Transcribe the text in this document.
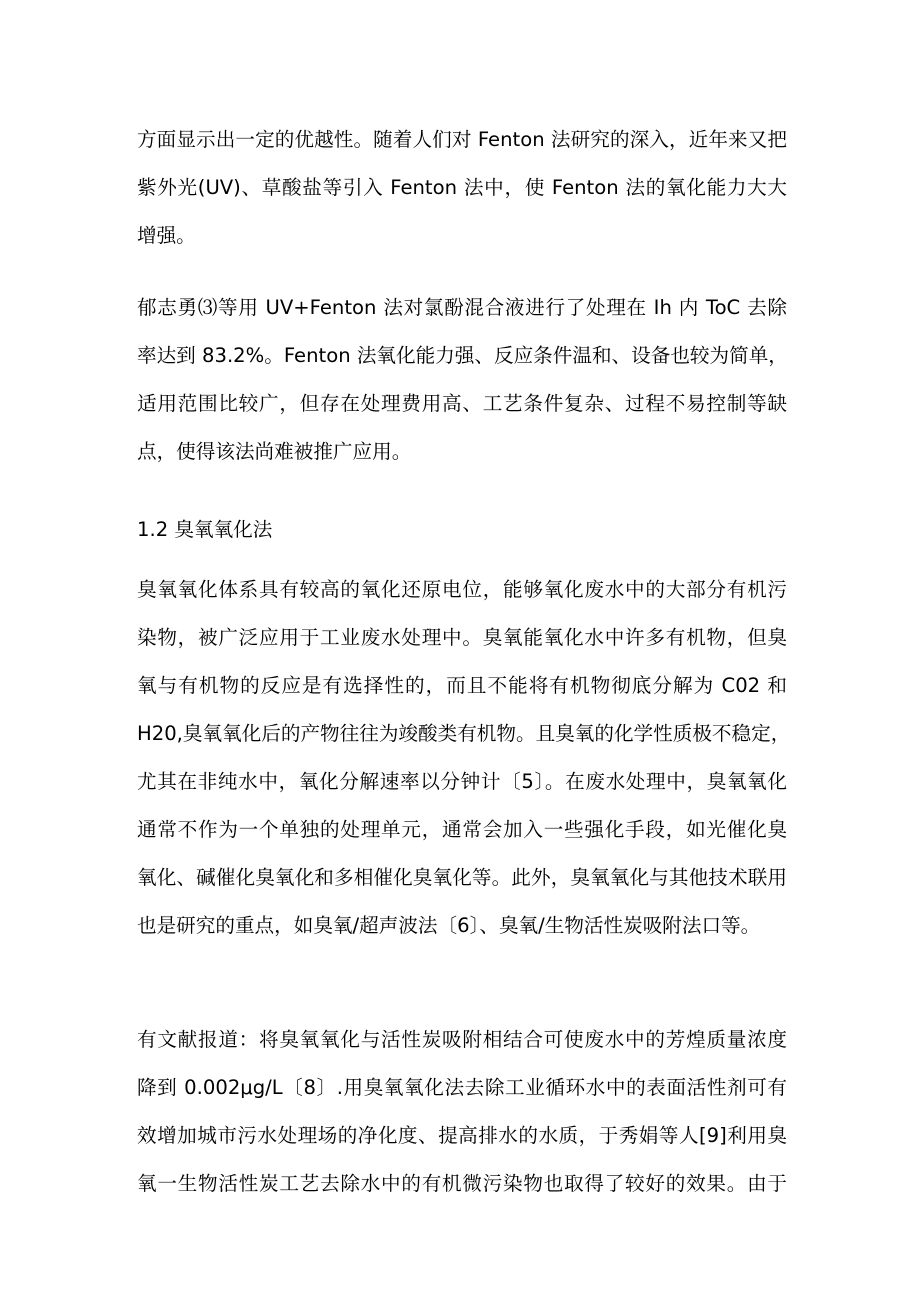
方面显示出一定的优越性。随着人们对 Fenton 法研究的深入，近年来又把
紫外光(UV)、草酸盐等引入 Fenton 法中，使 Fenton 法的氧化能力大大
增强。

郁志勇⑶等用 UV+Fenton 法对氯酚混合液进行了处理在 Ih 内 ToC 去除
率达到 83.2%。Fenton 法氧化能力强、反应条件温和、设备也较为简单，
适用范围比较广，但存在处理费用高、工艺条件复杂、过程不易控制等缺
点，使得该法尚难被推广应用。

1.2 臭氧氧化法

臭氧氧化体系具有较高的氧化还原电位，能够氧化废水中的大部分有机污
染物，被广泛应用于工业废水处理中。臭氧能氧化水中许多有机物，但臭
氧与有机物的反应是有选择性的，而且不能将有机物彻底分解为 C02 和
H20,臭氧氧化后的产物往往为竣酸类有机物。且臭氧的化学性质极不稳定，
尤其在非纯水中，氧化分解速率以分钟计〔5〕。在废水处理中，臭氧氧化
通常不作为一个单独的处理单元，通常会加入一些强化手段，如光催化臭
氧化、碱催化臭氧化和多相催化臭氧化等。此外，臭氧氧化与其他技术联用
也是研究的重点，如臭氧/超声波法〔6〕、臭氧/生物活性炭吸附法口等。

有文献报道：将臭氧氧化与活性炭吸附相结合可使废水中的芳煌质量浓度
降到 0.002μg/L〔8〕.用臭氧氧化法去除工业循环水中的表面活性剂可有
效增加城市污水处理场的净化度、提高排水的水质，于秀娟等人[9]利用臭
氧一生物活性炭工艺去除水中的有机微污染物也取得了较好的效果。由于
